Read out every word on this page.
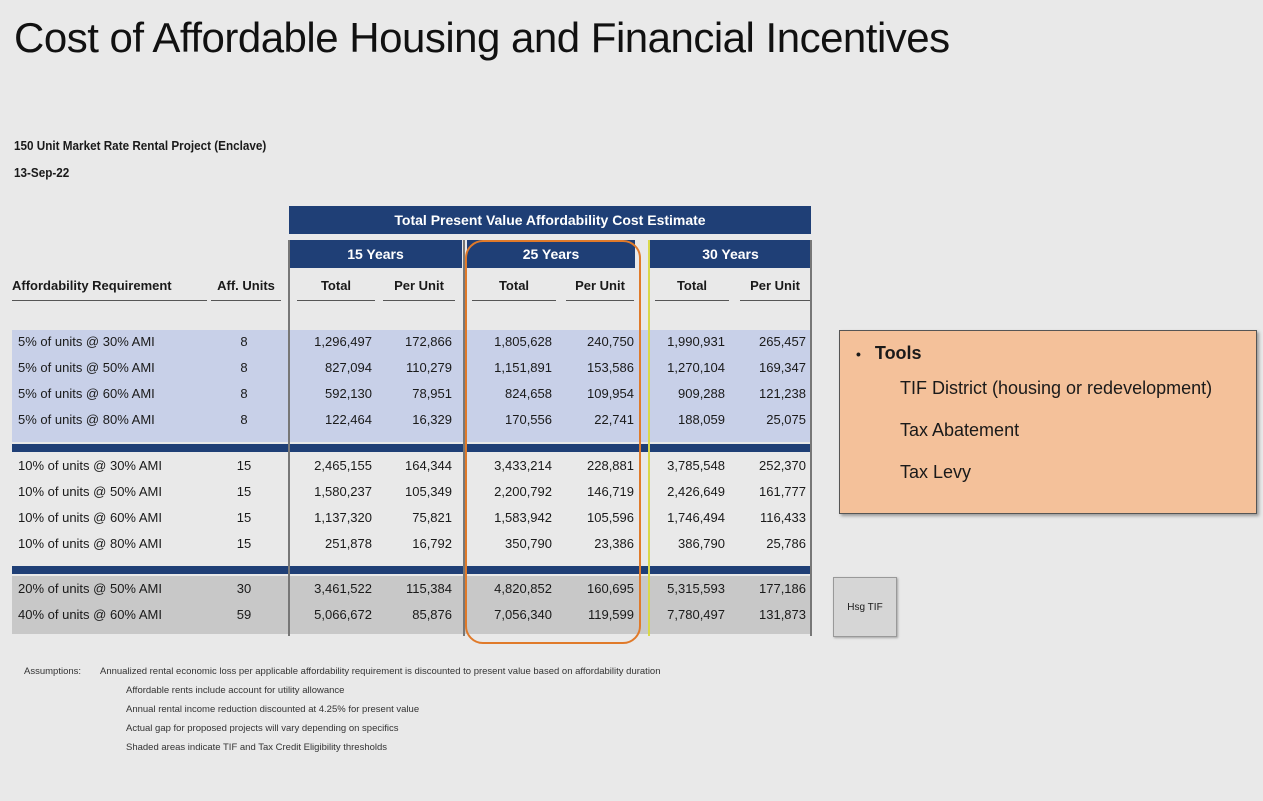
Cost of Affordable Housing and Financial Incentives
150 Unit Market Rate Rental Project (Enclave)
13-Sep-22
Total Present Value Affordability Cost Estimate
15 Years	25 Years	30 Years
Affordability Requirement	Aff. Units	Total	Per Unit	Total	Per Unit	Total	Per Unit
5% of units @ 30% AMI	8	1,296,497	172,866	1,805,628	240,750	1,990,931	265,457
5% of units @ 50% AMI	8	827,094	110,279	1,151,891	153,586	1,270,104	169,347
5% of units @ 60% AMI	8	592,130	78,951	824,658	109,954	909,288	121,238
5% of units @ 80% AMI	8	122,464	16,329	170,556	22,741	188,059	25,075
10% of units @ 30% AMI	15	2,465,155	164,344	3,433,214	228,881	3,785,548	252,370
10% of units @ 50% AMI	15	1,580,237	105,349	2,200,792	146,719	2,426,649	161,777
10% of units @ 60% AMI	15	1,137,320	75,821	1,583,942	105,596	1,746,494	116,433
10% of units @ 80% AMI	15	251,878	16,792	350,790	23,386	386,790	25,786
20% of units @ 50% AMI	30	3,461,522	115,384	4,820,852	160,695	5,315,593	177,186
40% of units @ 60% AMI	59	5,066,672	85,876	7,056,340	119,599	7,780,497	131,873
• Tools
TIF District (housing or redevelopment)
Tax Abatement
Tax Levy
Hsg TIF
Assumptions: Annualized rental economic loss per applicable affordability requirement is discounted to present value based on affordability duration
Affordable rents include account for utility allowance
Annual rental income reduction discounted at 4.25% for present value
Actual gap for proposed projects will vary depending on specifics
Shaded areas indicate TIF and Tax Credit Eligibility thresholds
